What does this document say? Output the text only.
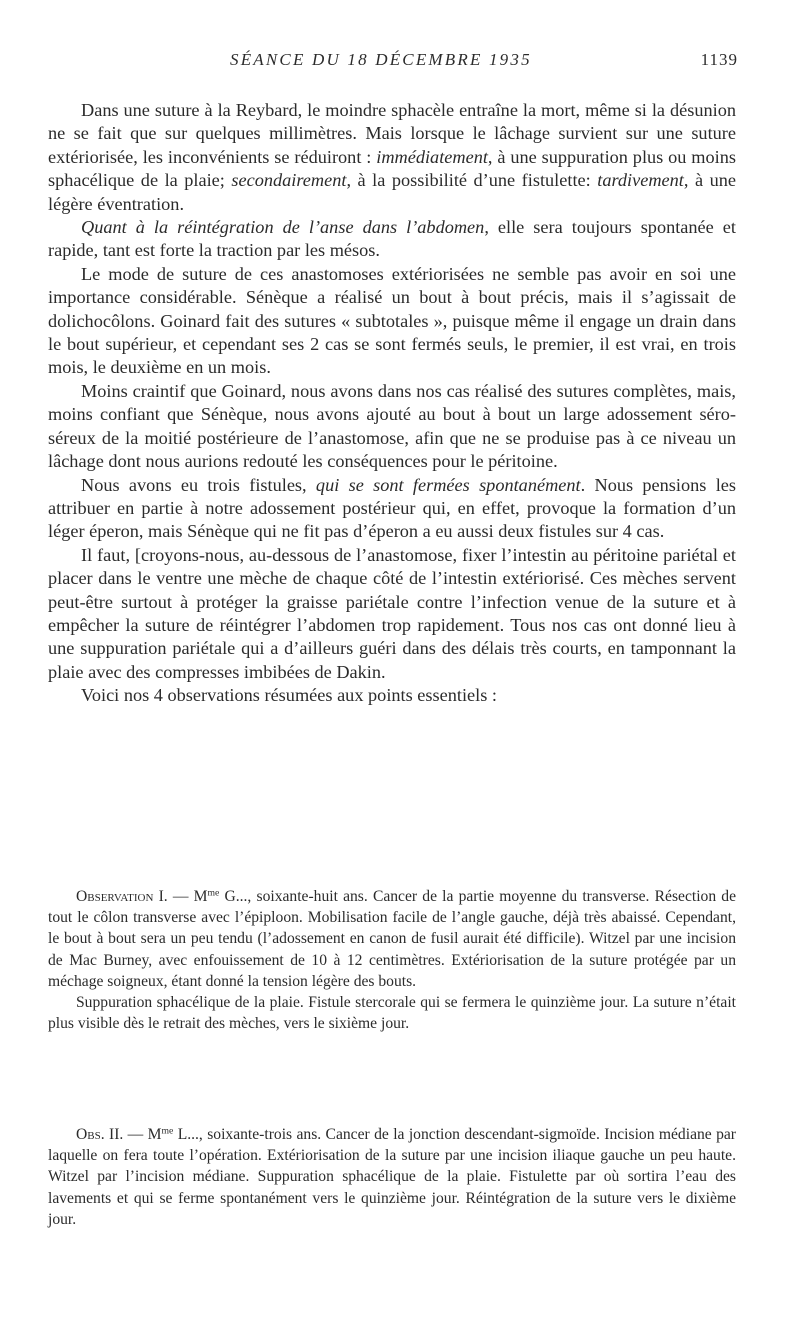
SÉANCE DU 18 DÉCEMBRE 1935	1139

Dans une suture à la Reybard, le moindre sphacèle entraîne la mort, même si la désunion ne se fait que sur quelques millimètres. Mais lorsque le lâchage survient sur une suture extériorisée, les inconvénients se réduiront : immédiatement, à une suppuration plus ou moins sphacélique de la plaie; secondairement, à la possibilité d’une fistulette: tardivement, à une légère éventration.

Quant à la réintégration de l’anse dans l’abdomen, elle sera toujours spontanée et rapide, tant est forte la traction par les mésos.

Le mode de suture de ces anastomoses extériorisées ne semble pas avoir en soi une importance considérable. Sénèque a réalisé un bout à bout précis, mais il s’agissait de dolichocôlons. Goinard fait des sutures « subtotales », puisque même il engage un drain dans le bout supérieur, et cependant ses 2 cas se sont fermés seuls, le premier, il est vrai, en trois mois, le deuxième en un mois.

Moins craintif que Goinard, nous avons dans nos cas réalisé des sutures complètes, mais, moins confiant que Sénèque, nous avons ajouté au bout à bout un large adossement séro-séreux de la moitié postérieure de l’anastomose, afin que ne se produise pas à ce niveau un lâchage dont nous aurions redouté les conséquences pour le péritoine.

Nous avons eu trois fistules, qui se sont fermées spontanément. Nous pensions les attribuer en partie à notre adossement postérieur qui, en effet, provoque la formation d’un léger éperon, mais Sénèque qui ne fit pas d’éperon a eu aussi deux fistules sur 4 cas.

Il faut, [croyons-nous, au-dessous de l’anastomose, fixer l’intestin au péritoine pariétal et placer dans le ventre une mèche de chaque côté de l’intestin extériorisé. Ces mèches servent peut-être surtout à protéger la graisse pariétale contre l’infection venue de la suture et à empêcher la suture de réintégrer l’abdomen trop rapidement. Tous nos cas ont donné lieu à une suppuration pariétale qui a d’ailleurs guéri dans des délais très courts, en tamponnant la plaie avec des compresses imbibées de Dakin.

Voici nos 4 observations résumées aux points essentiels :

Observation I. — $M^{me}$ G..., soixante-huit ans. Cancer de la partie moyenne du transverse. Résection de tout le côlon transverse avec l’épiploon. Mobilisation facile de l’angle gauche, déjà très abaissé. Cependant, le bout à bout sera un peu tendu (l’adossement en canon de fusil aurait été difficile). Witzel par une incision de Mac Burney, avec enfouissement de 10 à 12 centimètres. Extériorisation de la suture protégée par un méchage soigneux, étant donné la tension légère des bouts.

Suppuration sphacélique de la plaie. Fistule stercorale qui se fermera le quinzième jour. La suture n’était plus visible dès le retrait des mèches, vers le sixième jour.

Obs. II. — $M^{me}$ L..., soixante-trois ans. Cancer de la jonction descendant-sigmoïde. Incision médiane par laquelle on fera toute l’opération. Extériorisation de la suture par une incision iliaque gauche un peu haute. Witzel par l’incision médiane. Suppuration sphacélique de la plaie. Fistulette par où sortira l’eau des lavements et qui se ferme spontanément vers le quinzième jour. Réintégration de la suture vers le dixième jour.
